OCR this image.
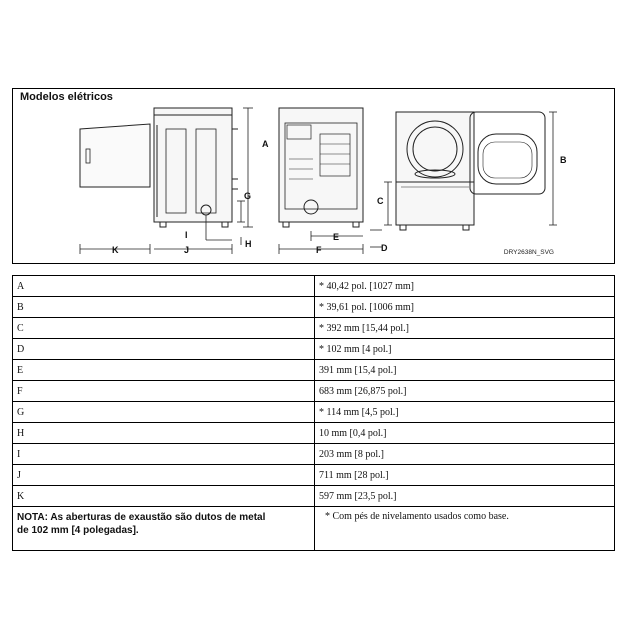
Modelos elétricos
A
B
C
D
E
F
G
H
I
J
K	DRY2638N_SVG
A	* 40,42 pol. [1027 mm]
B	* 39,61 pol. [1006 mm]
C	* 392 mm [15,44 pol.]
D	* 102 mm [4 pol.]
E	391 mm [15,4 pol.]
F	683 mm [26,875 pol.]
G	* 114 mm [4,5 pol.]
H	10 mm [0,4 pol.]
I	203 mm [8 pol.]
J	711 mm [28 pol.]
K	597 mm [23,5 pol.]

NOTA: As aberturas de exaustão são dutos de metal
de 102 mm [4 polegadas].	* Com pés de nivelamento usados como base.
